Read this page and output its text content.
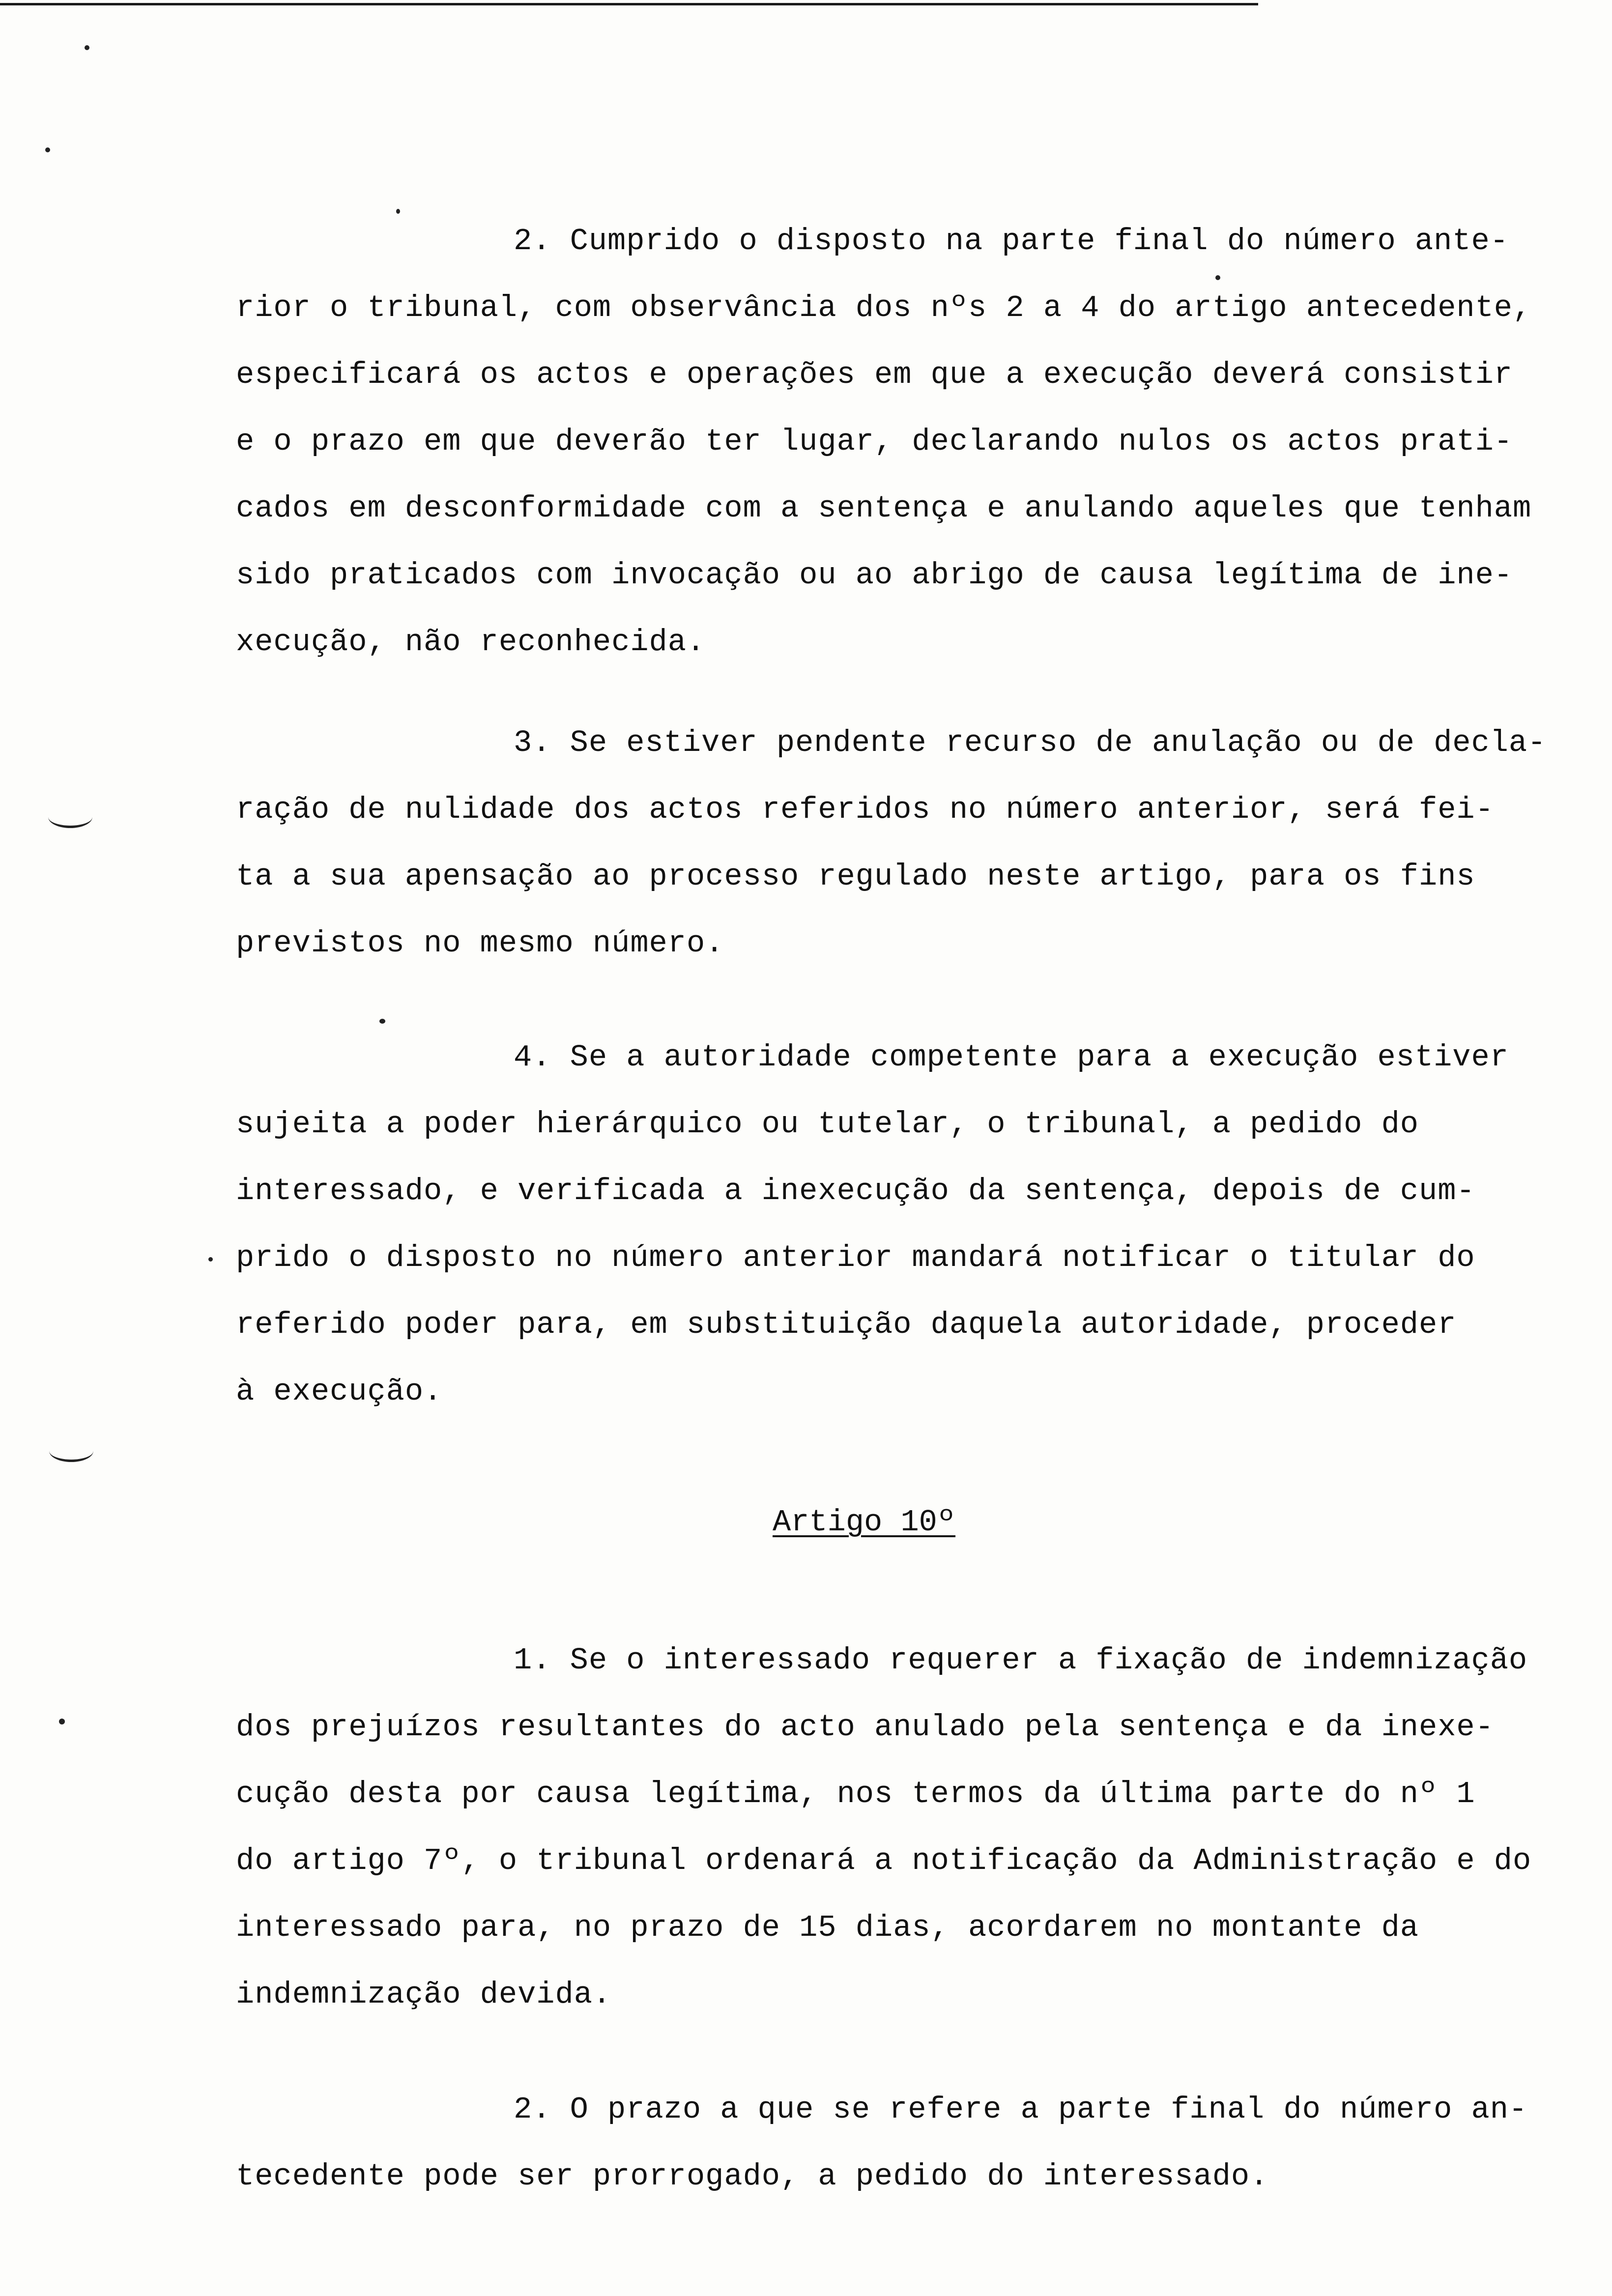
2. Cumprido o disposto na parte final do número ante-
rior o tribunal, com observância dos nºs 2 a 4 do artigo antecedente,
especificará os actos e operações em que a execução deverá consistir
e o prazo em que deverão ter lugar, declarando nulos os actos prati-
cados em desconformidade com a sentença e anulando aqueles que tenham
sido praticados com invocação ou ao abrigo de causa legítima de ine-
xecução, não reconhecida.
3. Se estiver pendente recurso de anulação ou de decla-
ração de nulidade dos actos referidos no número anterior, será fei-
ta a sua apensação ao processo regulado neste artigo, para os fins
previstos no mesmo número.
4. Se a autoridade competente para a execução estiver
sujeita a poder hierárquico ou tutelar, o tribunal, a pedido do
interessado, e verificada a inexecução da sentença, depois de cum-
prido o disposto no número anterior mandará notificar o titular do
referido poder para, em substituição daquela autoridade, proceder
à execução.
Artigo 10º
1. Se o interessado requerer a fixação de indemnização
dos prejuízos resultantes do acto anulado pela sentença e da inexe-
cução desta por causa legítima, nos termos da última parte do nº 1
do artigo 7º, o tribunal ordenará a notificação da Administração e do
interessado para, no prazo de 15 dias, acordarem no montante da
indemnização devida.
2. O prazo a que se refere a parte final do número an-
tecedente pode ser prorrogado, a pedido do interessado.
